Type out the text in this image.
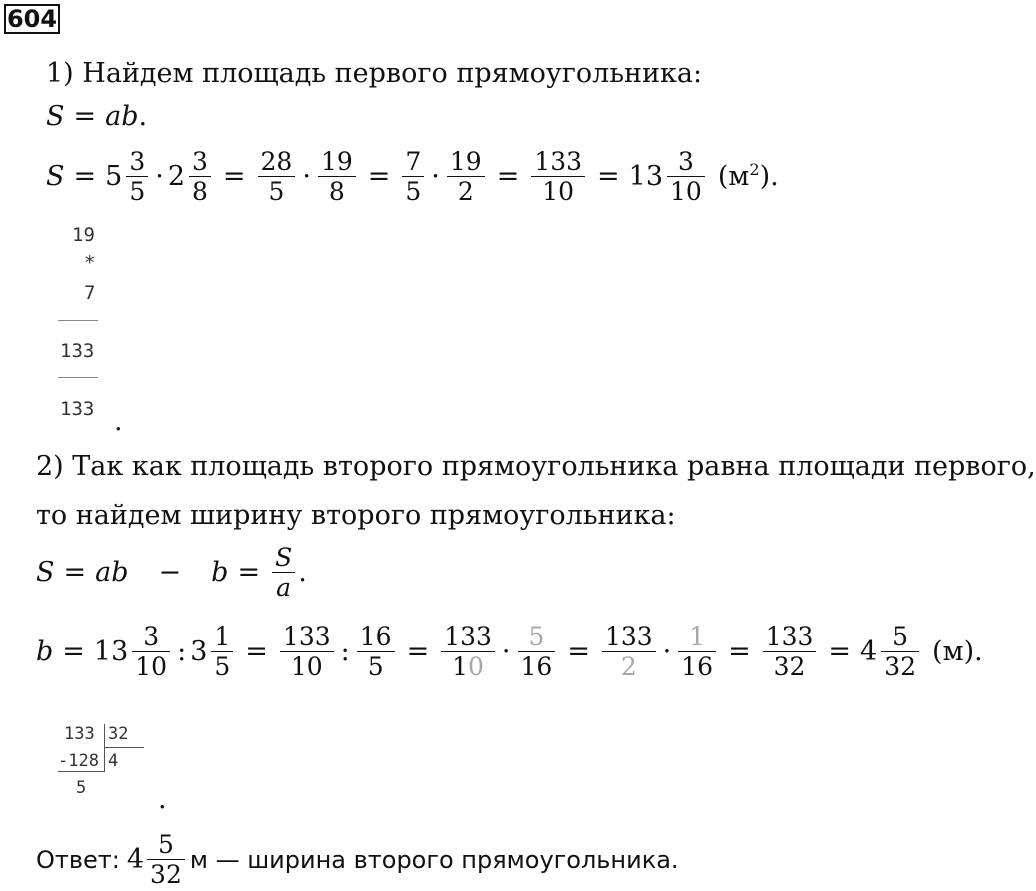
604
1) Найдем площадь первого прямоугольника:
S = ab .
$S = 5 \frac{3}{5} \cdot 2 \frac{3}{8} = \frac{28}{5} \cdot \frac{19}{8} = \frac{7}{5} \cdot \frac{19}{2} = \frac{133}{10} = 13 \frac{3}{10} (м^2)$.
19
*
7
133
133 .
2) Так как площадь второго прямоугольника равна площади первого,
то найдем ширину второго прямоугольника:
S = ab	−	$b = \frac{S}{a}$ .
$b = 13 \frac{3}{10}$ : $3 \frac{1}{5} = \frac{133}{10}$ : $\frac{16}{5} = \frac{133}{10} \cdot \frac{5}{16} = \frac{133}{2} \cdot \frac{1}{16} = \frac{133}{32} = 4 \frac{5}{32} (м)$.
133 32
-128 4
5	.
Ответ: $4 \frac{5}{32}$ м — ширина второго прямоугольника.
